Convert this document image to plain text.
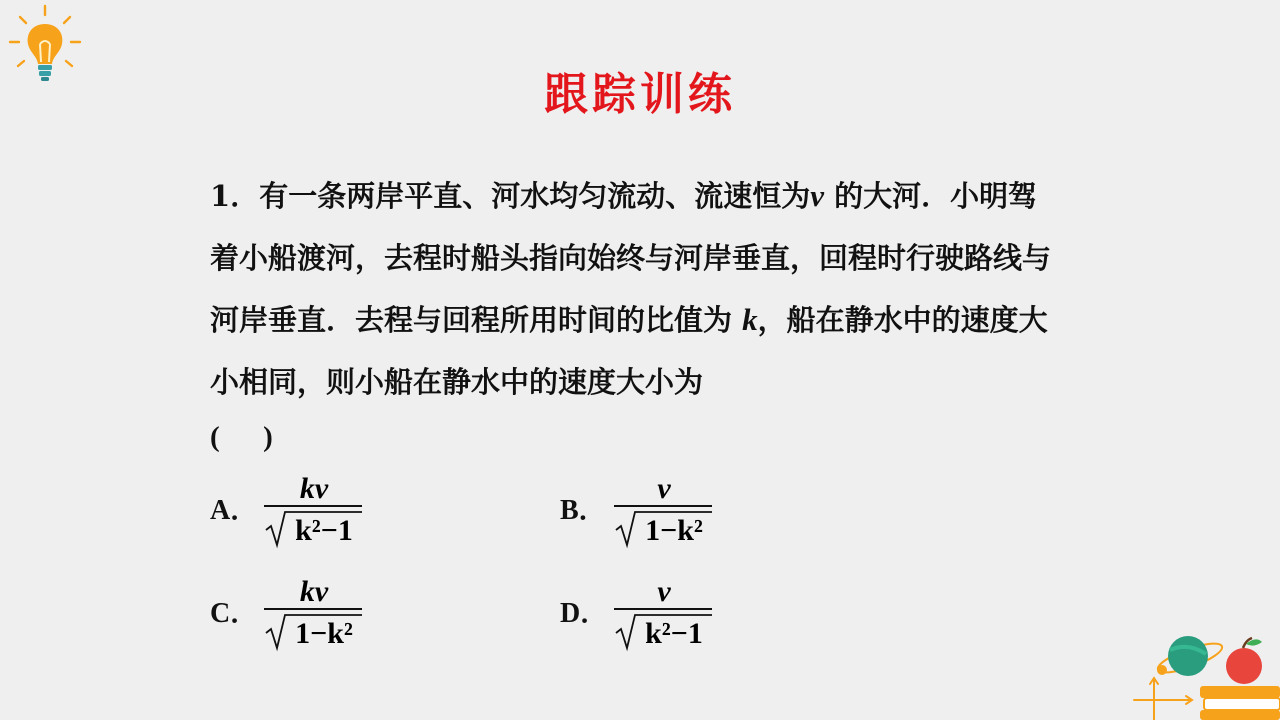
跟踪训练
1．有一条两岸平直、河水均匀流动、流速恒为v 的大河．小明驾着小船渡河，去程时船头指向始终与河岸垂直，回程时行驶路线与河岸垂直．去程与回程所用时间的比值为 k，船在静水中的速度大小相同，则小船在静水中的速度大小为
(      )
A．
kv
k²−1
B．
v
1−k²
C．
kv
1−k²
D．
v
k²−1
